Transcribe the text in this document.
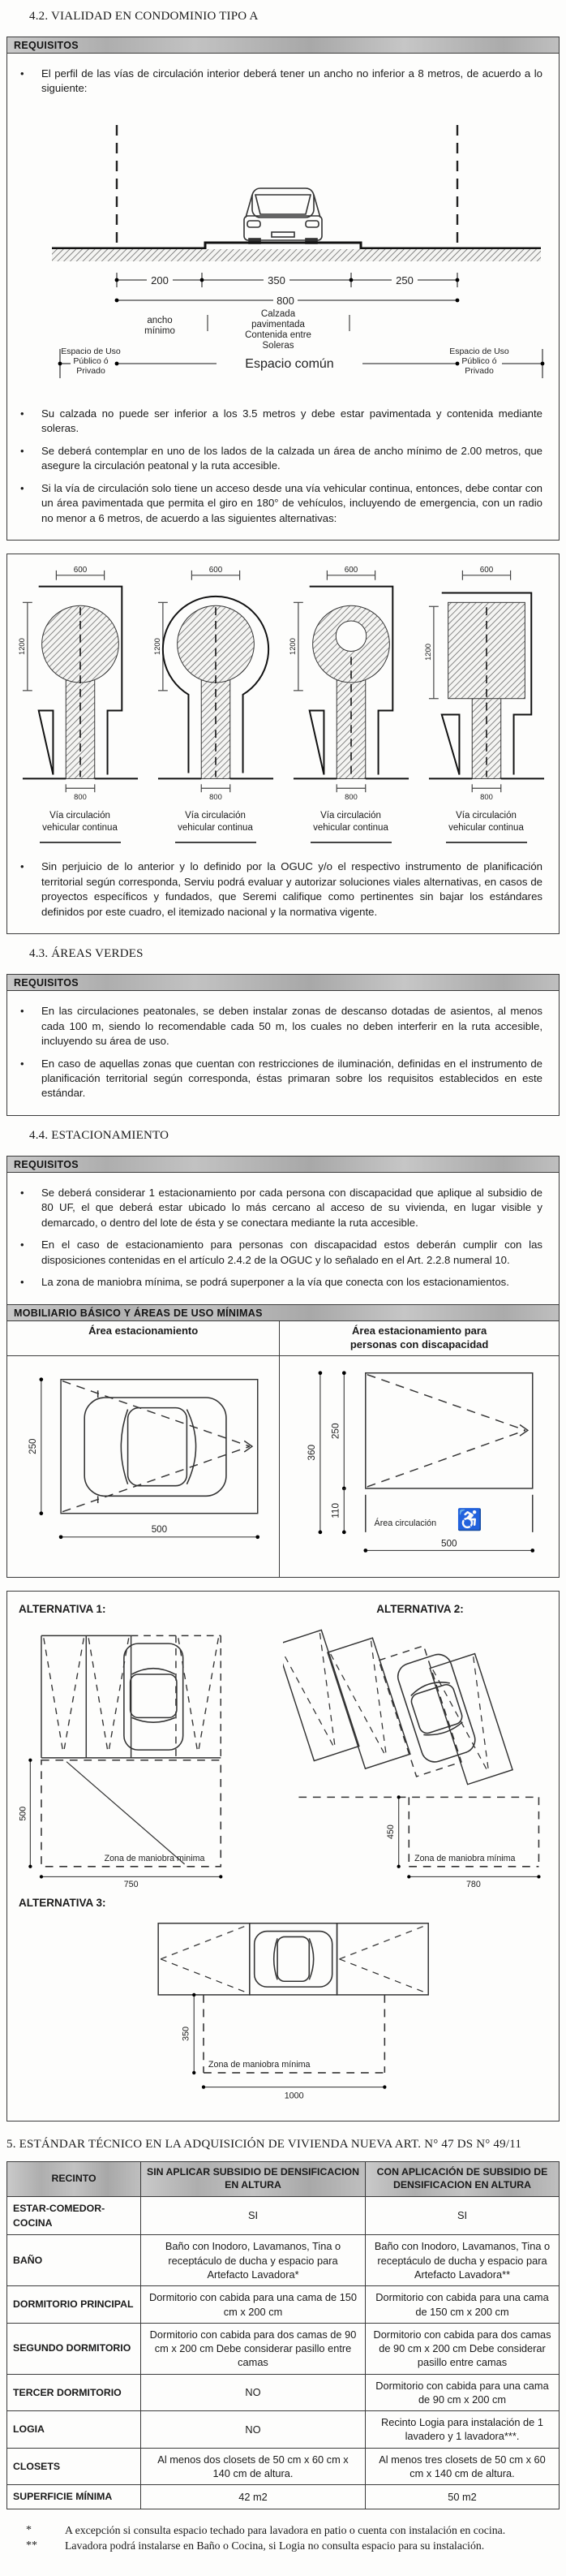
4.2. VIALIDAD EN CONDOMINIO TIPO A
REQUISITOS
•	El perfil de las vías de circulación interior deberá tener un ancho no inferior a 8 metros, de acuerdo a lo siguiente:
200	350	250
800
ancho
mínimo
Calzada
pavimentada
Contenida entre
Soleras
Espacio común
Espacio de Uso
Público ó
Privado
Espacio de Uso
Público ó
Privado
•	Su calzada no puede ser inferior a los 3.5 metros y debe estar pavimentada y contenida mediante soleras.
•	Se deberá contemplar en uno de los lados de la calzada un área de ancho mínimo de 2.00 metros, que asegure la circulación peatonal y la ruta accesible.
•	Si la vía de circulación solo tiene un acceso desde una vía vehicular continua, entonces, debe contar con un área pavimentada que permita el giro en 180° de vehículos, incluyendo de emergencia, con un radio no menor a 6 metros, de acuerdo a las siguientes alternativas:
600
1200
800
Vía circulación
vehicular continua
600
1200
800
Vía circulación
vehicular continua
600
1200
800
Vía circulación
vehicular continua
600
1200
800
Vía circulación
vehicular continua
•	Sin perjuicio de lo anterior y lo definido por la OGUC y/o el respectivo instrumento de planificación territorial según corresponda, Serviu podrá evaluar y autorizar soluciones viales alternativas, en casos de proyectos específicos y fundados, que Seremi califique como pertinentes sin bajar los estándares definidos por este cuadro, el itemizado nacional y la normativa vigente.
4.3. ÁREAS VERDES
REQUISITOS
•	En las circulaciones peatonales, se deben instalar zonas de descanso dotadas de asientos, al menos cada 100 m, siendo lo recomendable cada 50 m, los cuales no deben interferir en la ruta accesible, incluyendo su área de uso.
•	En caso de aquellas zonas que cuentan con restricciones de iluminación, definidas en el instrumento de planificación territorial según corresponda, éstas primaran sobre los requisitos establecidos en este estándar.
4.4. ESTACIONAMIENTO
REQUISITOS
•	Se deberá considerar 1 estacionamiento por cada persona con discapacidad que aplique al subsidio de 80 UF, el que deberá estar ubicado lo más cercano al acceso de su vivienda, en lugar visible y demarcado, o dentro del lote de ésta y se conectara mediante la ruta accesible.
•	En el caso de estacionamiento para personas con discapacidad estos deberán cumplir con las disposiciones contenidas en el artículo 2.4.2 de la OGUC y lo señalado en el Art. 2.2.8 numeral 10.
•	La zona de maniobra mínima, se podrá superponer a la vía que conecta con los estacionamientos.
MOBILIARIO BÁSICO Y ÁREAS DE USO MÍNIMAS
Área estacionamiento	Área estacionamiento para
personas con discapacidad
250
500	♿
Área circulación
360
250
110
500
ALTERNATIVA 1:
500
Zona de maniobra minima
750
ALTERNATIVA 2:
450
Zona de maniobra mínima
780
ALTERNATIVA 3:
350
Zona de maniobra mínima
1000
5. ESTÁNDAR TÉCNICO EN LA ADQUISICIÓN DE VIVIENDA NUEVA ART. N° 47 DS N° 49/11
RECINTO	SIN APLICAR SUBSIDIO DE DENSIFICACION EN ALTURA	CON APLICACIÓN DE SUBSIDIO DE DENSIFICACION EN ALTURA
ESTAR-COMEDOR-COCINA	SI	SI
BAÑO	Baño con Inodoro, Lavamanos, Tina o receptáculo de ducha y espacio para Artefacto Lavadora*	Baño con Inodoro, Lavamanos, Tina o receptáculo de ducha y espacio para Artefacto Lavadora**
DORMITORIO PRINCIPAL	Dormitorio con cabida para una cama de 150 cm x 200 cm	Dormitorio con cabida para una cama de 150 cm x 200 cm
SEGUNDO DORMITORIO	Dormitorio con cabida para dos camas de 90 cm x 200 cm Debe considerar pasillo entre camas	Dormitorio con cabida para dos camas de 90 cm x 200 cm Debe considerar pasillo entre camas
TERCER DORMITORIO	NO	Dormitorio con cabida para una cama de 90 cm x 200 cm
LOGIA	NO	Recinto Logia para instalación de 1 lavadero y 1 lavadora***.
CLOSETS	Al menos dos closets de 50 cm x 60 cm x 140 cm de altura.	Al menos tres closets de 50 cm x 60 cm x 140 cm de altura.
SUPERFICIE MÍNIMA	42 m2	50 m2
*	A excepción si consulta espacio techado para lavadora en patio o cuenta con instalación en cocina.
**	Lavadora podrá instalarse en Baño o Cocina, si Logia no consulta espacio para su instalación.
